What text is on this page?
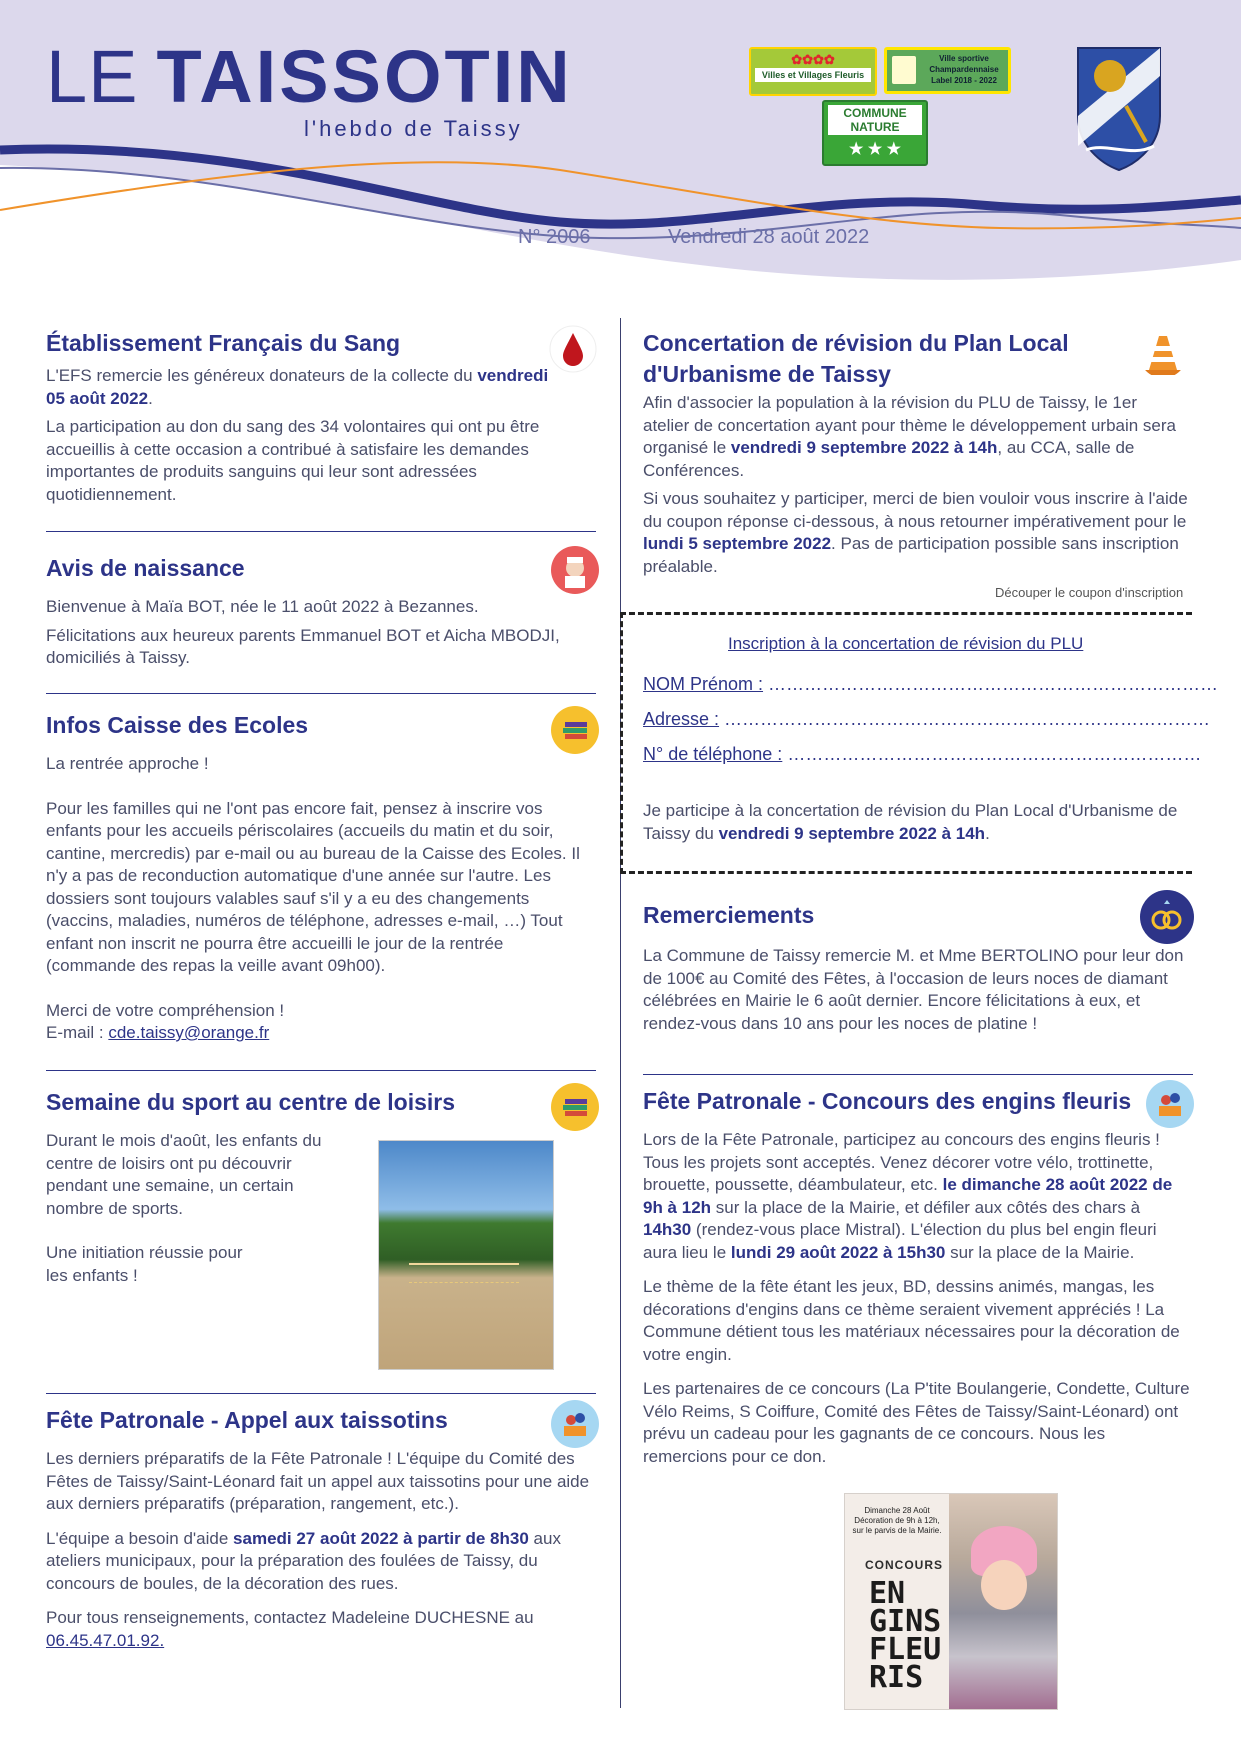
LE TAISSOTIN
l'hebdo de Taissy
N° 2006	Vendredi 28 août 2022
✿✿✿✿
Villes et Villages Fleuris
Ville sportive
Champardennaise
Label 2018 - 2022
COMMUNE NATURE
★ ★ ★
Établissement Français du Sang

L'EFS remercie les généreux donateurs de la collecte du vendredi 05 août 2022.

La participation au don du sang des 34 volontaires qui ont pu être accueillis à cette occasion a contribué à satisfaire les demandes importantes de produits sanguins qui leur sont adressées quotidiennement.

Avis de naissance

Bienvenue à Maïa BOT, née le 11 août 2022 à Bezannes.

Félicitations aux heureux parents Emmanuel BOT et Aicha MBODJI, domiciliés à Taissy.

Infos Caisse des Ecoles

La rentrée approche !

Pour les familles qui ne l'ont pas encore fait, pensez à inscrire vos enfants pour les accueils périscolaires (accueils du matin et du soir, cantine, mercredis) par e-mail ou au bureau de la Caisse des Ecoles. Il n'y a pas de reconduction automatique d'une année sur l'autre. Les dossiers sont toujours valables sauf s'il y a eu des changements (vaccins, maladies, numéros de téléphone, adresses e-mail, …) Tout enfant non inscrit ne pourra être accueilli le jour de la rentrée (commande des repas la veille avant 09h00).

Merci de votre compréhension !
E-mail : cde.taissy@orange.fr

Semaine du sport au centre de loisirs

Durant le mois d'août, les enfants du centre de loisirs ont pu découvrir pendant une semaine, un certain nombre de sports.

Une initiation réussie pour les enfants !

Fête Patronale - Appel aux taissotins

Les derniers préparatifs de la Fête Patronale ! L'équipe du Comité des Fêtes de Taissy/Saint-Léonard fait un appel aux taissotins pour une aide aux derniers préparatifs (préparation, rangement, etc.).

L'équipe a besoin d'aide samedi 27 août 2022 à partir de 8h30 aux ateliers municipaux, pour la préparation des foulées de Taissy, du concours de boules, de la décoration des rues.

Pour tous renseignements, contactez Madeleine DUCHESNE au 06.45.47.01.92.

Concertation de révision du Plan Local
d'Urbanisme de Taissy

Afin d'associer la population à la révision du PLU de Taissy, le 1er atelier de concertation ayant pour thème le développement urbain sera organisé le vendredi 9 septembre 2022 à 14h, au CCA, salle de Conférences.

Si vous souhaitez y participer, merci de bien vouloir vous inscrire à l'aide du coupon réponse ci-dessous, à nous retourner impérativement pour le lundi 5 septembre 2022. Pas de participation possible sans inscription préalable.

Découper le coupon d'inscription
Inscription à la concertation de révision du PLU
NOM Prénom : …………………………………………………………………
Adresse : ………………………………………………………………………
N° de téléphone : ……………………………………………………………
Je participe à la concertation de révision du Plan Local d'Urbanisme de Taissy du vendredi 9 septembre 2022 à 14h.
Remerciements

La Commune de Taissy remercie M. et Mme BERTOLINO pour leur don de 100€ au Comité des Fêtes, à l'occasion de leurs noces de diamant célébrées en Mairie le 6 août dernier. Encore félicitations à eux, et rendez-vous dans 10 ans pour les noces de platine !

Fête Patronale - Concours des engins fleuris

Lors de la Fête Patronale, participez au concours des engins fleuris ! Tous les projets sont acceptés. Venez décorer votre vélo, trottinette, brouette, poussette, déambulateur, etc. le dimanche 28 août 2022 de 9h à 12h sur la place de la Mairie, et défiler aux côtés des chars à 14h30 (rendez-vous place Mistral). L'élection du plus bel engin fleuri aura lieu le lundi 29 août 2022 à 15h30 sur la place de la Mairie.

Le thème de la fête étant les jeux, BD, dessins animés, mangas, les décorations d'engins dans ce thème seraient vivement appréciés ! La Commune détient tous les matériaux nécessaires pour la décoration de votre engin.

Les partenaires de ce concours (La P'tite Boulangerie, Condette, Culture Vélo Reims, S Coiffure, Comité des Fêtes de Taissy/Saint-Léonard) ont prévu un cadeau pour les gagnants de ce concours. Nous les remercions pour ce don.

Dimanche 28 Août Décoration de 9h à 12h, sur le parvis de la Mairie.
CONCOURS
EN GINS FLEU RIS
